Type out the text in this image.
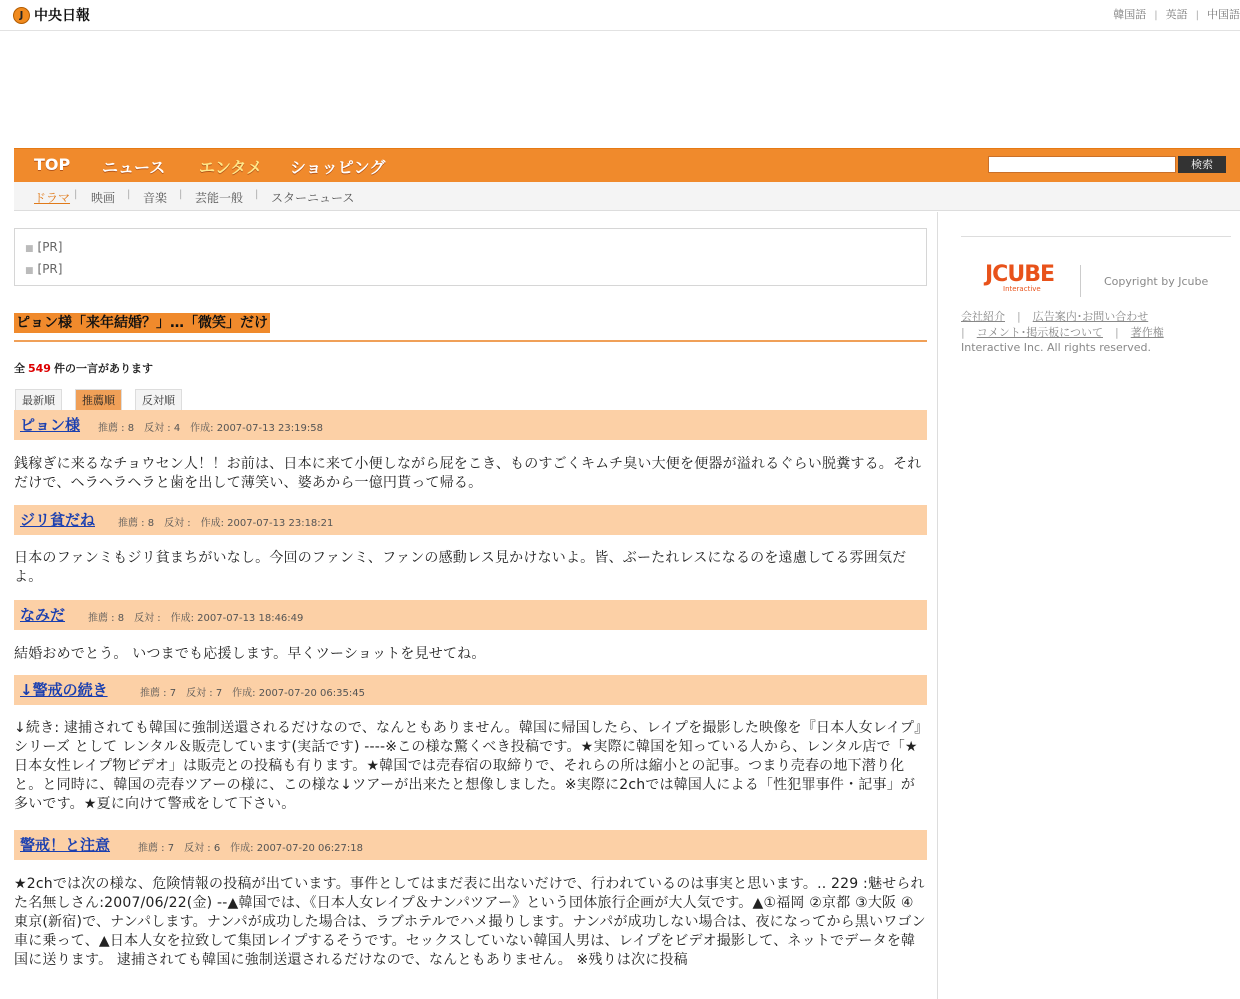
J 中央日報	韓国語 | 英語 | 中国語
TOP ニュース エンタメ ショッピング	検索
ドラマ | 映画 | 音楽 | 芸能一般 | スターニュース
■ [PR]
■ [PR]
ピョン様「来年結婚？」…「微笑」だけ
全 549 件の一言があります
最新順	推薦順	反対順
ピョン様 推薦 : 8　反対 : 4　作成: 2007-07-13 23:19:58
銭稼ぎに来るなチョウセン人！！お前は、日本に来て小便しながら屁をこき、ものすごくキムチ臭い大便を便器が溢れるぐらい脱糞する。それだけで、ヘラヘラヘラと歯を出して薄笑い、婆あから一億円貰って帰る。
ジリ貧だね 推薦 : 8　反対 :　作成: 2007-07-13 23:18:21
日本のファンミもジリ貧まちがいなし。今回のファンミ、ファンの感動レス見かけないよ。皆、ぶーたれレスになるのを遠慮してる雰囲気だよ。
なみだ 推薦 : 8　反対 :　作成: 2007-07-13 18:46:49
結婚おめでとう。 いつまでも応援します。早くツーショットを見せてね。
↓警戒の続き	推薦 : 7　反対 : 7　作成: 2007-07-20 06:35:45
↓続き: 逮捕されても韓国に強制送還されるだけなので、なんともありません。韓国に帰国したら、レイプを撮影した映像を『日本人女レイプ』シリーズ として レンタル＆販売しています(実話です) ----※この様な驚くべき投稿です。★実際に韓国を知っている人から、レンタル店で「★日本女性レイプ物ビデオ」は販売との投稿も有ります。★韓国では売春宿の取締りで、それらの所は縮小との記事。つまり売春の地下潜り化と。と同時に、韓国の売春ツアーの様に、この様な↓ツアーが出来たと想像しました。※実際に2chでは韓国人による「性犯罪事件・記事」が多いです。★夏に向けて警戒をして下さい。
警戒！と注意	推薦 : 7　反対 : 6　作成: 2007-07-20 06:27:18
★2chでは次の様な、危険情報の投稿が出ています。事件としてはまだ表に出ないだけで、行われているのは事実と思います。.. 229 :魅せられた名無しさん:2007/06/22(金) --▲韓国では、《日本人女レイプ＆ナンパツアー》という団体旅行企画が大人気です。▲①福岡 ②京都 ③大阪 ④東京(新宿)で、ナンパします。ナンパが成功した場合は、ラブホテルでハメ撮りします。ナンパが成功しない場合は、夜になってから黒いワゴン車に乗って、▲日本人女を拉致して集団レイプするそうです。セックスしていない韓国人男は、レイプをビデオ撮影して、ネットでデータを韓国に送ります。 逮捕されても韓国に強制送還されるだけなので、なんともありません。 ※残りは次に投稿
JCUBE
Interactive
Copyright by Jcube
会社紹介 | 広告案内･お問い合わせ
| コメント･掲示板について | 著作権
Interactive Inc. All rights reserved.
